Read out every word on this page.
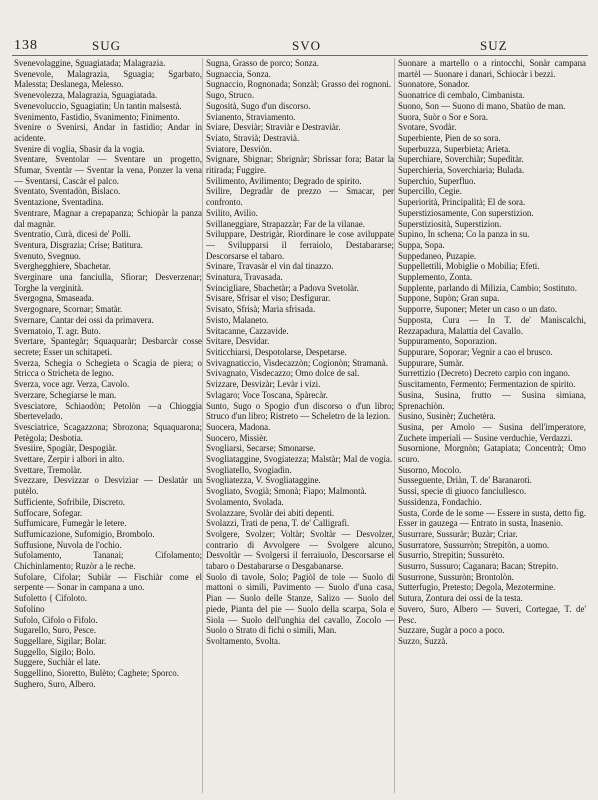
138	SUG	SVO	SUZ

Svenevolaggine, Sguagiatada; Malagrazia.

Svenevole, Malagrazia, Sguagia; Sgarbato, Malessta; Deslanega, Melesso.

Svenevolezza, Malagrazia, Sguagiatada.

Svenevoluccio, Sguagiatin; Un tantin malsestà.

Svenimento, Fastidio, Svanimento; Finimento.

Svenire o Svenirsi, Andar in fastidio; Andar in acidente.

Svenire di voglia, Sbasir da la vogia.

Sventare, Sventolar — Sventare un progetto, Sfumar, Sventàr — Sventar la vena, Ponzer la vena — Sventarsi, Cascàr el palco.

Sventato, Sventadòn, Bislaco.

Sventazione, Sventadina.

Sventrare, Magnar a crepapanza; Schiopàr la panza dal magnàr.

Sventratio, Curà, dicesi de' Polli.

Sventura, Disgrazia; Crise; Batitura.

Svenuto, Svegnuo.

Sverghegghiere, Sbachetar.

Sverginare una fanciulla, Sfiorar; Desverzenar; Torghe la verginità.

Svergogna, Smaseada.

Svergognare, Scornar; Smatàr.

Svernare, Cantar dei ossi da primavera.

Svernatoio, T. agr. Buto.

Svertare, Spantegàr; Squaquaràr; Desbarcàr cosse secrete; Esser un schitapeti.

Sverza, Schegia o Schegieta o Scagia de piera; o Stricca o Stricheta de legno.

Sverza, voce agr. Verza, Cavolo.

Sverzare, Schegiarse le man.

Svesciatore, Schiaodòn; Petolòn —a Chioggia Sbertevelado.

Svesciatrice, Scagazzona; Sbrozona; Squaquarona; Petègola; Desbotia.

Svesiire, Spogiàr, Despogiàr.

Svettare, Zerpir i albori in alto.

Svettare, Tremolàr.

Svezzare, Desvizzar o Desvizìar — Deslatàr un putèlo.

Sufficiente, Sofribile, Discreto.

Suffocare, Sofegar.

Suffumicare, Fumegàr le letere.

Suffumicazione, Sufomigio, Brombolo.

Suffusione, Nuvola de l'ochio.

Sufolamento, Tananai; Cifolamento; Chichinlamento; Ruzòr a le reche.

Sufolare, Cifolar; Subiàr — Fischiàr come el serpente — Sonar in campana a uno.

Sufoletto { Cifoloto.

Sufolino

Sufolo, Cifolo o Fifolo.

Sugarello, Suro, Pesce.

Suggellare, Sigilar; Bolar.

Suggello, Sigilo; Bolo.

Suggere, Suchiàr el late.

Suggellino, Sioretto, Bulèto; Caghete; Sporco.

Sughero, Suro, Albero.

Sugna, Grasso de porco; Sonza.

Sugnaccia, Sonza.

Sugnaccio, Rognonada; Sonzàl; Grasso dei rognoni.

Sugo, Struco.

Sugosità, Sugo d'un discorso.

Svianento, Straviamento.

Sviare, Desviàr; Straviàr e Destraviàr.

Sviato, Stravià; Destravià.

Sviatore, Desviòn.

Svignare, Sbignar; Sbrignàr; Sbrissar fora; Batar la ritirada; Fuggire.

Svilimento, Avilimento; Degrado de spirito.

Svilire, Degradàr de prezzo — Smacar, per confronto.

Svilito, Avilìo.

Svillaneggiare, Strapazzàr; Far de la vilanae.

Sviluppare, Destrigàr, Riordinare le cose aviluppate — Svilupparsi il ferraiolo, Destabararse; Descorsarse el tabaro.

Svinare, Travasàr el vin dal tinazzo.

Svinatura, Travasada.

Svincigliare, Sbachetàr; a Padova Svetolàr.

Svisare, Sfrisar el viso; Desfigurar.

Svisato, Sfrisà; Maria sfrisada.

Svisto, Malaneto.

Svitacanne, Cazzavide.

Svitare, Desvidar.

Sviticchiarsi, Despotolarse, Despetarse.

Svivagnaticcio, Visdecazzòn; Cogionòn; Stramanà.

Svivagnato, Visdecazzo; Omo dolce de sal.

Svizzare, Desvizàr; Levàr i vizi.

Svlagaro; Voce Toscana, Spàrecàr.

Sunto, Sugo o Spogio d'un discorso o d'un libro; Struco d'un libro; Ristreto — Scheletro de la lezion.

Suocera, Madona.

Suocero, Missièr.

Svogliarsi, Secarse; Smonarse.

Svogliataggine, Svogiatezza; Malstàr; Mal de vogia.

Svogliatello, Svogiadìn.

Svogliatezza, V. Svogliataggine.

Svogliato, Svogià; Smonà; Fiapo; Malmontà.

Svolamento, Svolada.

Svolazzare, Svolàr dei abiti depenti.

Svolazzi, Trati de pena, T. de' Calligrafi.

Svolgere, Svolzer; Voltàr; Svoltàr — Desvolzer, contrario di Avvolgere — Svolgere alcuno, Desvoltàr — Svolgersi il ferraiuolo, Descorsarse el tabaro o Destabararse o Desgabanarse.

Suolo di tavole, Solo; Pagiòl de tole — Suolo di mattoni o simili, Pavimento — Suolo d'una casa, Pian — Suolo delle Stanze, Salizo — Suolo del piede, Pianta del pie — Suolo della scarpa, Sola e Siola — Suolo dell'unghia del cavallo, Zocolo — Suolo o Strato di fichi o simili, Man.

Svoltamento, Svolta.

Suonare a martello o a rintocchi, Sonàr campana martèl — Suonare i danari, Schiocàr i bezzi.

Suonatore, Sonador.

Suonatrice di cembalo, Cimbanista.

Suono, Son — Suono di mano, Sbatùo de man.

Suora, Suòr o Sor e Sora.

Svotare, Svodàr.

Superbiente, Pien de so sora.

Superbuzza, Superbieta; Arieta.

Superchiare, Soverchiàr; Supeditàr.

Superchieria, Soverchiaria; Bulada.

Superchio, Superfluo.

Supercillo, Cegie.

Superiorità, Principalità; El de sora.

Superstiziosamente, Con superstizion.

Superstiziosità, Superstizion.

Supino, In schena; Co la panza in su.

Suppa, Sopa.

Suppedaneo, Puzapie.

Suppellettili, Mobiglie o Mobilia; Efeti.

Supplemento, Zonta.

Supplente, parlando di Milizia, Cambio; Sostituto.

Suppone, Supòn; Gran supa.

Supporre, Suponer; Meter un caso o un dato.

Supposta, Cura — In T. de' Maniscalchi, Rezzapadura, Malattia del Cavallo.

Suppuramento, Soporazion.

Suppurare, Soporar; Vegnir a cao el brusco.

Suppurare, Sumàr.

Surrettizio (Decreto) Decreto carpìo con ingano.

Suscitamento, Fermento; Fermentazion de spirito.

Susina, Susina, frutto — Susina simiana, Sprenachiòn.

Susino, Susinèr; Zuchetèra.

Susina, per Amolo — Susina dell'imperatore, Zuchete imperiali — Susine verduchie, Verdazzi.

Susornione, Morgnòn; Gatapiata; Concentrà; Omo scuro.

Susorno, Mocolo.

Susseguente, Driàn, T. de' Baranaroti.

Sussi, specie di giuoco fanciullesco.

Sussidenza, Fondachio.

Susta, Corde de le some — Essere in susta, detto fig. Esser in gauzega — Entrato in susta, Inasenio.

Susurrare, Sussuràr; Buzàr; Criar.

Susurratore, Sussurròn; Strepitòn, a uomo.

Susurrio, Strepitin; Sussurèto.

Susurro, Sussuro; Caganara; Bacan; Strepito.

Susurrone, Sussuròn; Brontolòn.

Sutterfugio, Pretesto; Degola, Mezotermine.

Sutura, Zontura dei ossi de la testa.

Suvero, Suro, Albero — Suveri, Cortegae, T. de' Pesc.

Suzzare, Sugàr a poco a poco.

Suzzo, Suzzà.
